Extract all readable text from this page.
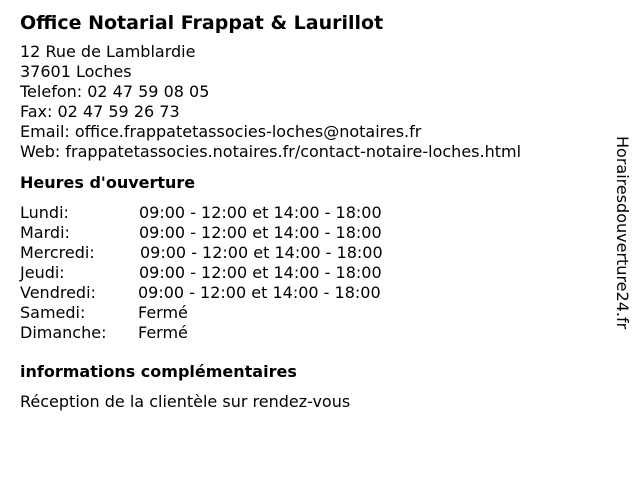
Office Notarial Frappat & Laurillot
12 Rue de Lamblardie
37601 Loches
Telefon: 02 47 59 08 05
Fax: 02 47 59 26 73
Email: office.frappatetassocies-loches@notaires.fr
Web: frappatetassocies.notaires.fr/contact-notaire-loches.html
Heures d'ouverture
Lundi:	09:00 - 12:00 et 14:00 - 18:00
Mardi:	09:00 - 12:00 et 14:00 - 18:00
Mercredi:	09:00 - 12:00 et 14:00 - 18:00
Jeudi:	09:00 - 12:00 et 14:00 - 18:00
Vendredi:	09:00 - 12:00 et 14:00 - 18:00
Samedi:	Fermé
Dimanche: Fermé
informations complémentaires
Réception de la clientèle sur rendez-vous
Horairesdouverture24.fr
